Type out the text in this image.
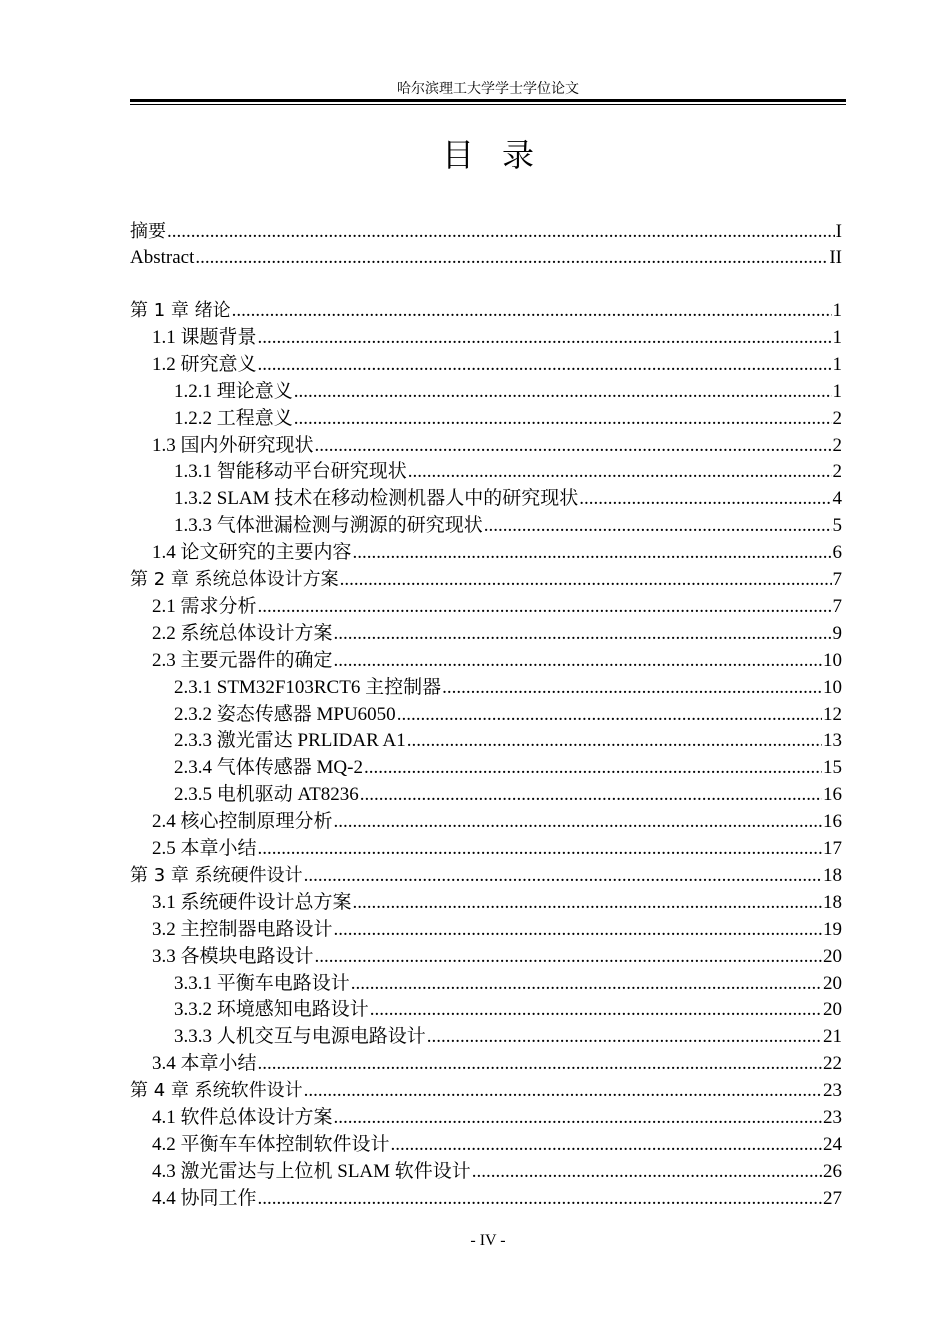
哈尔滨理工大学学士学位论文
目录
摘要 .....	I
Abstract .....	II
第 1 章 绪论 .....	1
1.1 课题背景 .....	1
1.2 研究意义 .....	1
1.2.1 理论意义 .....	1
1.2.2 工程意义 .....	2
1.3 国内外研究现状 .....	2
1.3.1 智能移动平台研究现状 .....	2
1.3.2 SLAM 技术在移动检测机器人中的研究现状 .....	4
1.3.3 气体泄漏检测与溯源的研究现状 .....	5
1.4 论文研究的主要内容 .....	6
第 2 章 系统总体设计方案 .....	7
2.1 需求分析 .....	7
2.2 系统总体设计方案 .....	9
2.3 主要元器件的确定 .....	10
2.3.1 STM32F103RCT6 主控制器 .....	10
2.3.2 姿态传感器 MPU6050 .....	12
2.3.3 激光雷达 PRLIDAR A1 .....	13
2.3.4 气体传感器 MQ-2 .....	15
2.3.5 电机驱动 AT8236 .....	16
2.4 核心控制原理分析 .....	16
2.5 本章小结 .....	17
第 3 章 系统硬件设计 .....	18
3.1 系统硬件设计总方案 .....	18
3.2 主控制器电路设计 .....	19
3.3 各模块电路设计 .....	20
3.3.1 平衡车电路设计 .....	20
3.3.2 环境感知电路设计 .....	20
3.3.3 人机交互与电源电路设计 .....	21
3.4 本章小结 .....	22
第 4 章 系统软件设计 .....	23
4.1 软件总体设计方案 .....	23
4.2 平衡车车体控制软件设计 .....	24
4.3 激光雷达与上位机 SLAM 软件设计 .....	26
4.4 协同工作 .....	27
- IV -
